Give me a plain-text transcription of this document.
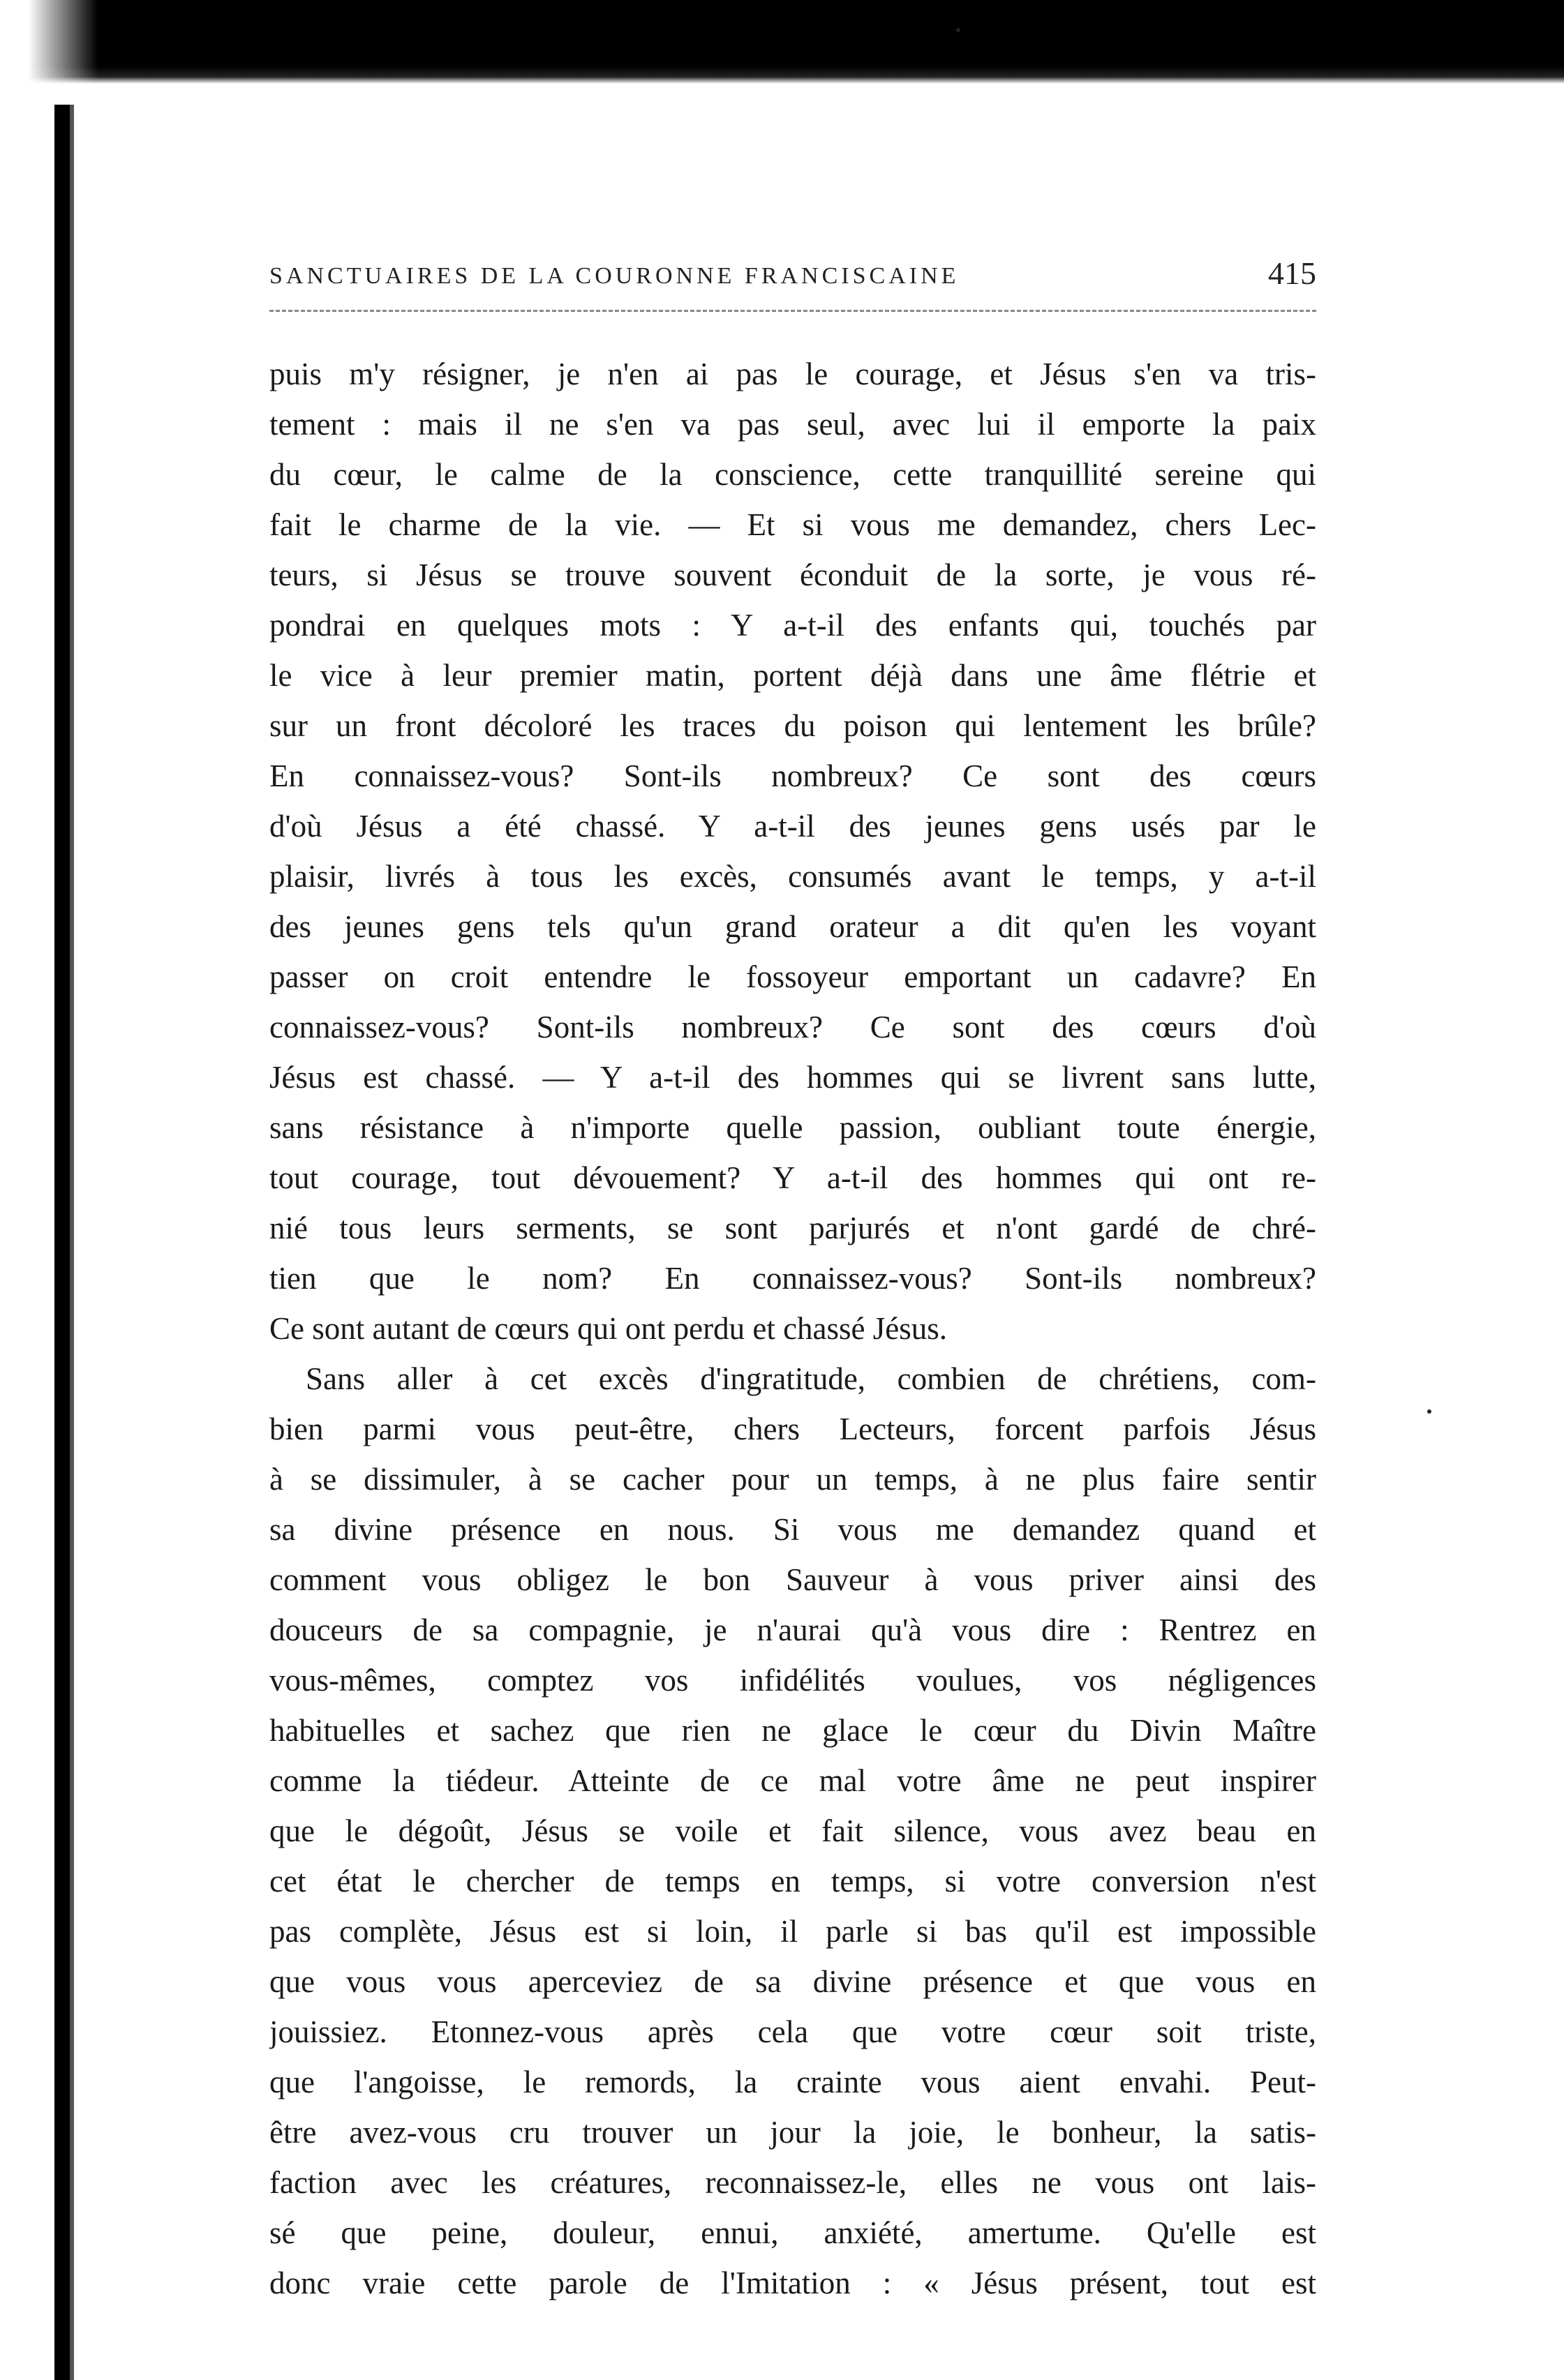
SANCTUAIRES DE LA COURONNE FRANCISCAINE	415
puis m'y résigner, je n'en ai pas le courage, et Jésus s'en va tris-
tement : mais il ne s'en va pas seul, avec lui il emporte la paix
du cœur, le calme de la conscience, cette tranquillité sereine qui
fait le charme de la vie. — Et si vous me demandez, chers Lec-
teurs, si Jésus se trouve souvent éconduit de la sorte, je vous ré-
pondrai en quelques mots : Y a-t-il des enfants qui, touchés par
le vice à leur premier matin, portent déjà dans une âme flétrie et
sur un front décoloré les traces du poison qui lentement les brûle?
En connaissez-vous? Sont-ils nombreux? Ce sont des cœurs
d'où Jésus a été chassé. Y a-t-il des jeunes gens usés par le
plaisir, livrés à tous les excès, consumés avant le temps, y a-t-il
des jeunes gens tels qu'un grand orateur a dit qu'en les voyant
passer on croit entendre le fossoyeur emportant un cadavre? En
connaissez-vous? Sont-ils nombreux? Ce sont des cœurs d'où
Jésus est chassé. — Y a-t-il des hommes qui se livrent sans lutte,
sans résistance à n'importe quelle passion, oubliant toute énergie,
tout courage, tout dévouement? Y a-t-il des hommes qui ont re-
nié tous leurs serments, se sont parjurés et n'ont gardé de chré-
tien que le nom? En connaissez-vous? Sont-ils nombreux?
Ce sont autant de cœurs qui ont perdu et chassé Jésus.
Sans aller à cet excès d'ingratitude, combien de chrétiens, com-
bien parmi vous peut-être, chers Lecteurs, forcent parfois Jésus
à se dissimuler, à se cacher pour un temps, à ne plus faire sentir
sa divine présence en nous. Si vous me demandez quand et
comment vous obligez le bon Sauveur à vous priver ainsi des
douceurs de sa compagnie, je n'aurai qu'à vous dire : Rentrez en
vous-mêmes, comptez vos infidélités voulues, vos négligences
habituelles et sachez que rien ne glace le cœur du Divin Maître
comme la tiédeur. Atteinte de ce mal votre âme ne peut inspirer
que le dégoût, Jésus se voile et fait silence, vous avez beau en
cet état le chercher de temps en temps, si votre conversion n'est
pas complète, Jésus est si loin, il parle si bas qu'il est impossible
que vous vous aperceviez de sa divine présence et que vous en
jouissiez. Etonnez-vous après cela que votre cœur soit triste,
que l'angoisse, le remords, la crainte vous aient envahi. Peut-
être avez-vous cru trouver un jour la joie, le bonheur, la satis-
faction avec les créatures, reconnaissez-le, elles ne vous ont lais-
sé que peine, douleur, ennui, anxiété, amertume. Qu'elle est
donc vraie cette parole de l'Imitation : « Jésus présent, tout est
